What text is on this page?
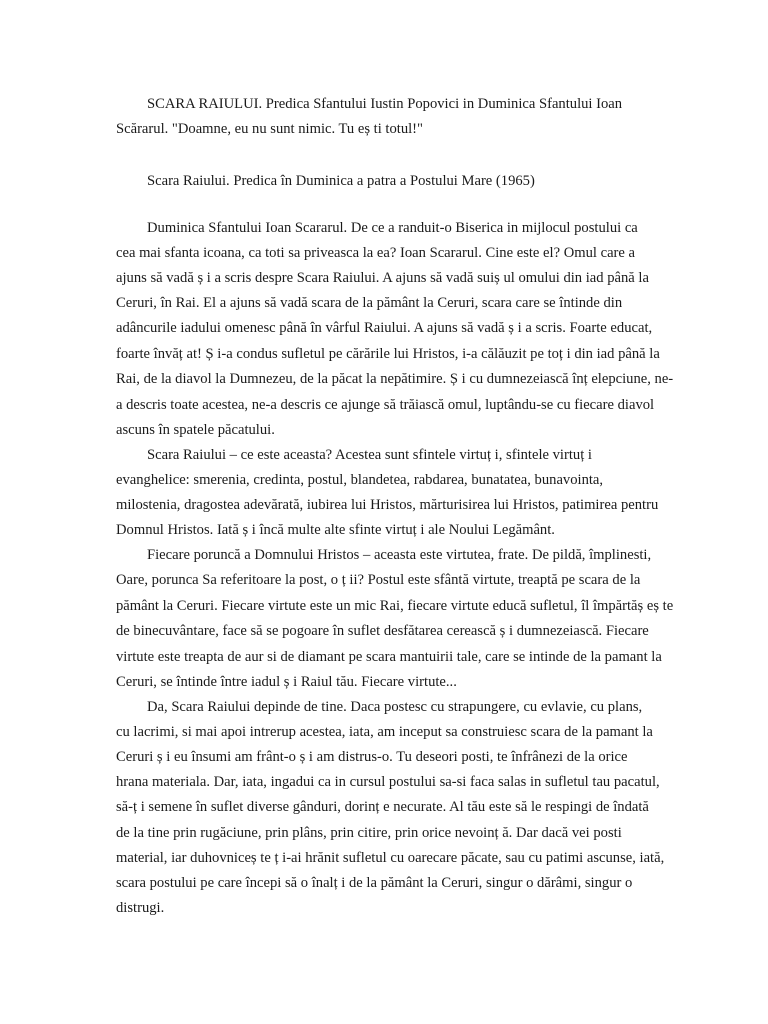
SCARA RAIULUI. Predica Sfantului Iustin Popovici in Duminica Sfantului Ioan
Scărarul. "Doamne, eu nu sunt nimic. Tu eș ti totul!"
Scara Raiului. Predica în Duminica a patra a Postului Mare (1965)
Duminica Sfantului Ioan Scararul. De ce a randuit-o Biserica in mijlocul postului ca
cea mai sfanta icoana, ca toti sa priveasca la ea? Ioan Scararul. Cine este el? Omul care a
ajuns să vadă ș i a scris despre Scara Raiului. A ajuns să vadă suiș ul omului din iad până la
Ceruri, în Rai. El a ajuns să vadă scara de la pământ la Ceruri, scara care se întinde din
adâncurile iadului omenesc până în vârful Raiului. A ajuns să vadă ș i a scris. Foarte educat,
foarte învăț at! Ș i-a condus sufletul pe cărările lui Hristos, i-a călăuzit pe toț i din iad până la
Rai, de la diavol la Dumnezeu, de la păcat la nepătimire. Ș i cu dumnezeiască înț elepciune, ne-
a descris toate acestea, ne-a descris ce ajunge să trăiască omul, luptându-se cu fiecare diavol
ascuns în spatele păcatului.
Scara Raiului – ce este aceasta? Acestea sunt sfintele virtuț i, sfintele virtuț i
evanghelice: smerenia, credinta, postul, blandetea, rabdarea, bunatatea, bunavointa,
milostenia, dragostea adevărată, iubirea lui Hristos, mărturisirea lui Hristos, patimirea pentru
Domnul Hristos. Iată ș i încă multe alte sfinte virtuț i ale Noului Legământ.
Fiecare poruncă a Domnului Hristos – aceasta este virtutea, frate. De pildă, împlinesti,
Oare, porunca Sa referitoare la post, o ț ii? Postul este sfântă virtute, treaptă pe scara de la
pământ la Ceruri. Fiecare virtute este un mic Rai, fiecare virtute educă sufletul, îl împărtăș eș te
de binecuvântare, face să se pogoare în suflet desfătarea cerească ș i dumnezeiască. Fiecare
virtute este treapta de aur si de diamant pe scara mantuirii tale, care se intinde de la pamant la
Ceruri, se întinde între iadul ș i Raiul tău. Fiecare virtute...
Da, Scara Raiului depinde de tine. Daca postesc cu strapungere, cu evlavie, cu plans,
cu lacrimi, si mai apoi intrerup acestea, iata, am inceput sa construiesc scara de la pamant la
Ceruri ș i eu însumi am frânt-o ș i am distrus-o. Tu deseori posti, te înfrânezi de la orice
hrana materiala. Dar, iata, ingadui ca in cursul postului sa-si faca salas in sufletul tau pacatul,
să-ț i semene în suflet diverse gânduri, dorinț e necurate. Al tău este să le respingi de îndată
de la tine prin rugăciune, prin plâns, prin citire, prin orice nevoinț ă. Dar dacă vei posti
material, iar duhovniceș te ț i-ai hrănit sufletul cu oarecare păcate, sau cu patimi ascunse, iată,
scara postului pe care începi să o înalț i de la pământ la Ceruri, singur o dărâmi, singur o
distrugi.
